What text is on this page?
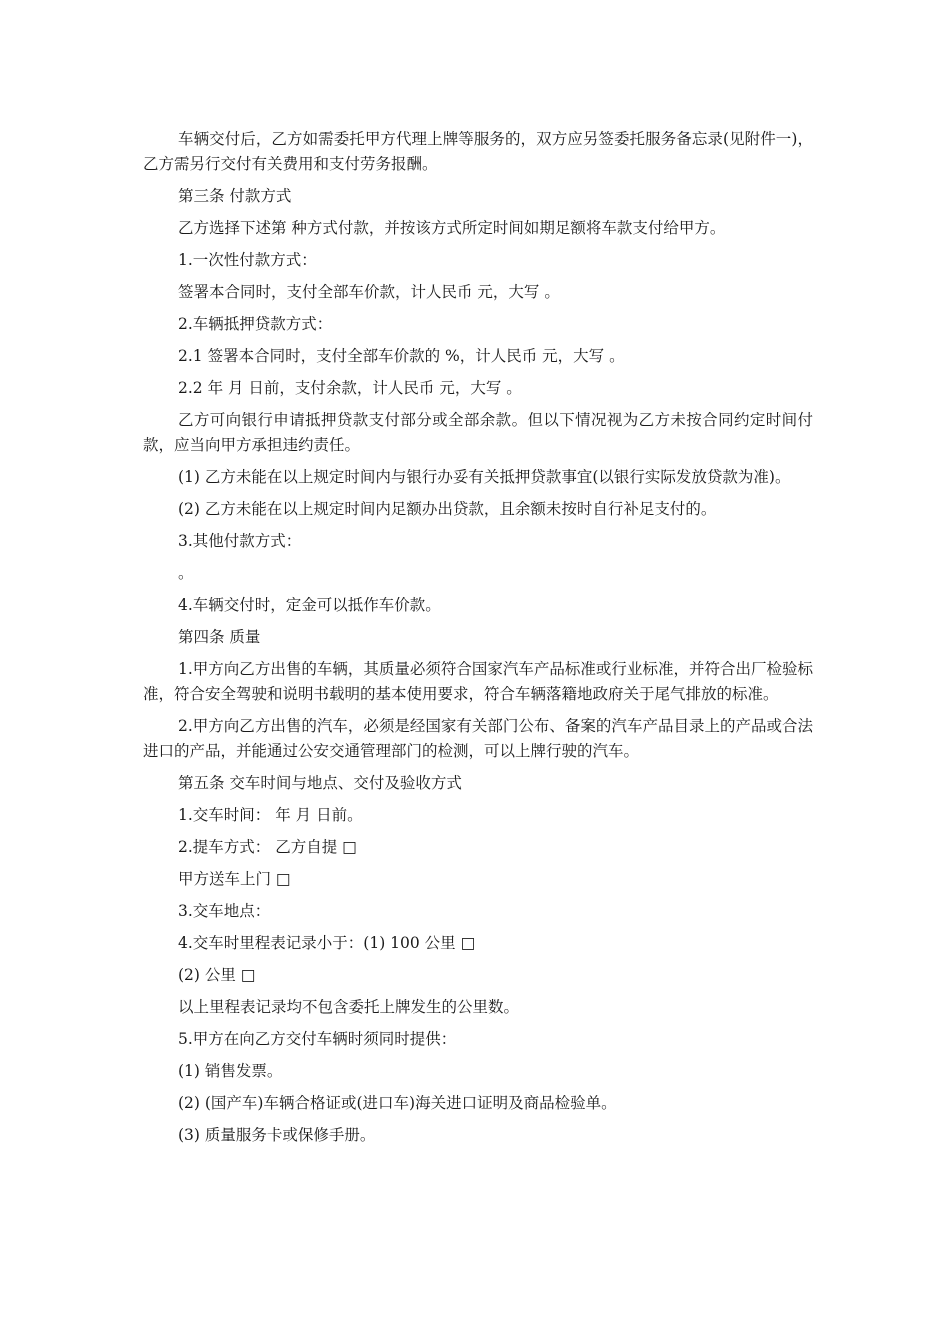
车辆交付后，乙方如需委托甲方代理上牌等服务的，双方应另签委托服务备忘录(见附件一)，乙方需另行交付有关费用和支付劳务报酬。

第三条 付款方式

乙方选择下述第 种方式付款，并按该方式所定时间如期足额将车款支付给甲方。

1.一次性付款方式：

签署本合同时，支付全部车价款，计人民币 元，大写 。

2.车辆抵押贷款方式：

2.1 签署本合同时，支付全部车价款的 %，计人民币 元，大写 。

2.2 年 月 日前，支付余款，计人民币 元，大写 。

乙方可向银行申请抵押贷款支付部分或全部余款。但以下情况视为乙方未按合同约定时间付款，应当向甲方承担违约责任。

(1) 乙方未能在以上规定时间内与银行办妥有关抵押贷款事宜(以银行实际发放贷款为准)。

(2) 乙方未能在以上规定时间内足额办出贷款，且余额未按时自行补足支付的。

3.其他付款方式：

。

4.车辆交付时，定金可以抵作车价款。

第四条 质量

1.甲方向乙方出售的车辆，其质量必须符合国家汽车产品标准或行业标准，并符合出厂检验标准，符合安全驾驶和说明书载明的基本使用要求，符合车辆落籍地政府关于尾气排放的标准。

2.甲方向乙方出售的汽车，必须是经国家有关部门公布、备案的汽车产品目录上的产品或合法进口的产品，并能通过公安交通管理部门的检测，可以上牌行驶的汽车。

第五条 交车时间与地点、交付及验收方式

1.交车时间： 年 月 日前。

2.提车方式： 乙方自提 □

甲方送车上门 □

3.交车地点：

4.交车时里程表记录小于：(1) 100 公里 □

(2) 公里 □

以上里程表记录均不包含委托上牌发生的公里数。

5.甲方在向乙方交付车辆时须同时提供：

(1) 销售发票。

(2) (国产车)车辆合格证或(进口车)海关进口证明及商品检验单。

(3) 质量服务卡或保修手册。
